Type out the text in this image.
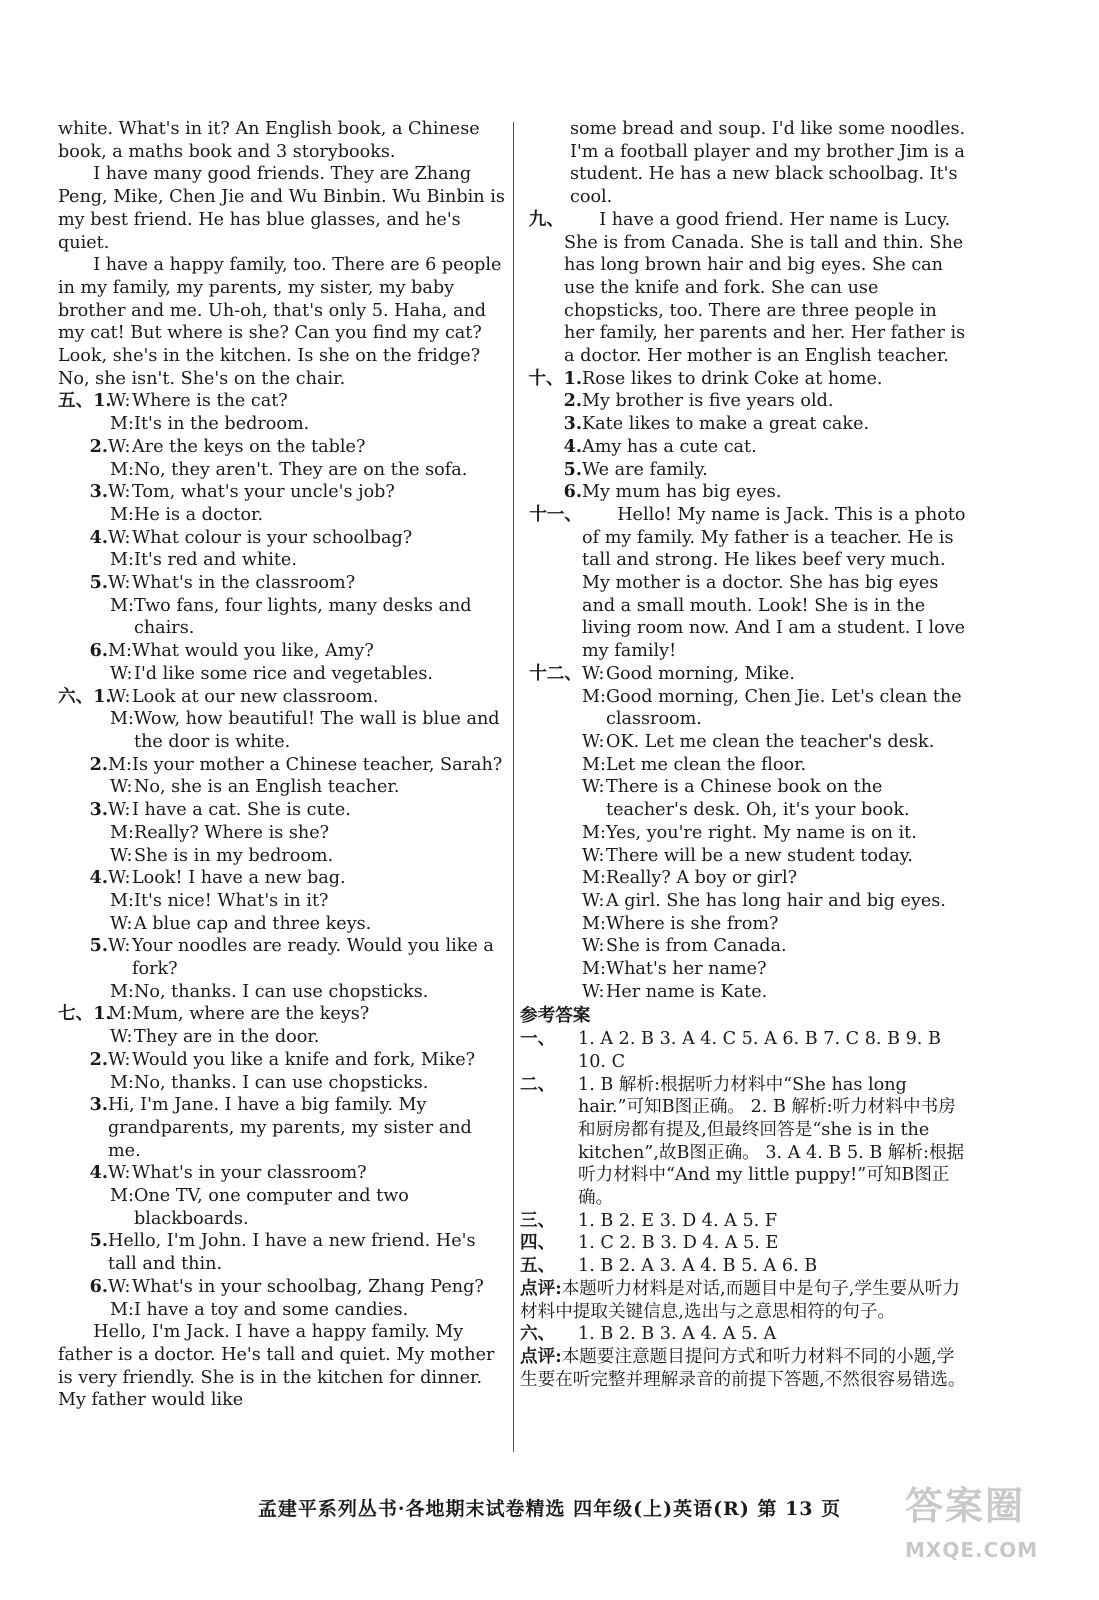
white. What's in it? An English book, a Chinese book, a maths book and 3 storybooks.
I have many good friends. They are Zhang Peng, Mike, Chen Jie and Wu Binbin. Wu Binbin is my best friend. He has blue glasses, and he's quiet.
I have a happy family, too. There are 6 people in my family, my parents, my sister, my baby brother and me. Uh-oh, that's only 5. Haha, and my cat! But where is she? Can you find my cat? Look, she's in the kitchen. Is she on the fridge? No, she isn't. She's on the chair.
五、1.
W: Where is the cat?
M: It's in the bedroom.
2. W: Are the keys on the table?
M: No, they aren't. They are on the sofa.
3. W: Tom, what's your uncle's job?
M: He is a doctor.
4. W: What colour is your schoolbag?
M: It's red and white.
5. W: What's in the classroom?
M: Two fans, four lights, many desks and chairs.
6. M: What would you like, Amy?
W: I'd like some rice and vegetables.
六、1.
W: Look at our new classroom.
M: Wow, how beautiful! The wall is blue and the door is white.
2. M: Is your mother a Chinese teacher, Sarah?
W: No, she is an English teacher.
3. W: I have a cat. She is cute.
M: Really? Where is she?
W: She is in my bedroom.
4. W: Look! I have a new bag.
M: It's nice! What's in it?
W: A blue cap and three keys.
5. W: Your noodles are ready. Would you like a fork?
M: No, thanks. I can use chopsticks.
七、1.
M: Mum, where are the keys?
W: They are in the door.
2. W: Would you like a knife and fork, Mike?
M: No, thanks. I can use chopsticks.
3. Hi, I'm Jane. I have a big family. My grandparents, my parents, my sister and me.
4. W: What's in your classroom?
M: One TV, one computer and two blackboards.
5. Hello, I'm John. I have a new friend. He's tall and thin.
6. W: What's in your schoolbag, Zhang Peng?
M: I have a toy and some candies.
Hello, I'm Jack. I have a happy family. My father is a doctor. He's tall and quiet. My mother is very friendly. She is in the kitchen for dinner. My father would like
some bread and soup. I'd like some noodles. I'm a football player and my brother Jim is a student. He has a new black schoolbag. It's cool.
九、	I have a good friend. Her name is Lucy. She is from Canada. She is tall and thin. She has long brown hair and big eyes. She can use the knife and fork. She can use chopsticks, too. There are three people in her family, her parents and her. Her father is a doctor. Her mother is an English teacher.
十、1. Rose likes to drink Coke at home.
2. My brother is five years old.
3. Kate likes to make a great cake.
4. Amy has a cute cat.
5. We are family.
6. My mum has big eyes.
十一、	Hello! My name is Jack. This is a photo of my family. My father is a teacher. He is tall and strong. He likes beef very much. My mother is a doctor. She has big eyes and a small mouth. Look! She is in the living room now. And I am a student. I love my family!
十二、 W: Good morning, Mike.
M: Good morning, Chen Jie. Let's clean the classroom.
W: OK. Let me clean the teacher's desk.
M: Let me clean the floor.
W: There is a Chinese book on the teacher's desk. Oh, it's your book.
M: Yes, you're right. My name is on it.
W: There will be a new student today.
M: Really? A boy or girl?
W: A girl. She has long hair and big eyes.
M: Where is she from?
W: She is from Canada.
M: What's her name?
W: Her name is Kate.
参考答案
一、	1. A 2. B 3. A 4. C 5. A 6. B 7. C 8. B 9. B 10. C
二、	1. B 解析:根据听力材料中“She has long hair.”可知B图正确。 2. B 解析:听力材料中书房和厨房都有提及,但最终回答是“she is in the kitchen”,故B图正确。 3. A 4. B 5. B 解析:根据听力材料中“And my little puppy!”可知B图正确。
三、	1. B 2. E 3. D 4. A 5. F
四、	1. C 2. B 3. D 4. A 5. E
五、	1. B 2. A 3. A 4. B 5. A 6. B
点评:本题听力材料是对话,而题目中是句子,学生要从听力材料中提取关键信息,选出与之意思相符的句子。
六、	1. B 2. B 3. A 4. A 5. A
点评:本题要注意题目提问方式和听力材料不同的小题,学生要在听完整并理解录音的前提下答题,不然很容易错选。
孟建平系列丛书·各地期末试卷精选 四年级(上)英语(R) 第 13 页	答案圈
MXQE.COM
